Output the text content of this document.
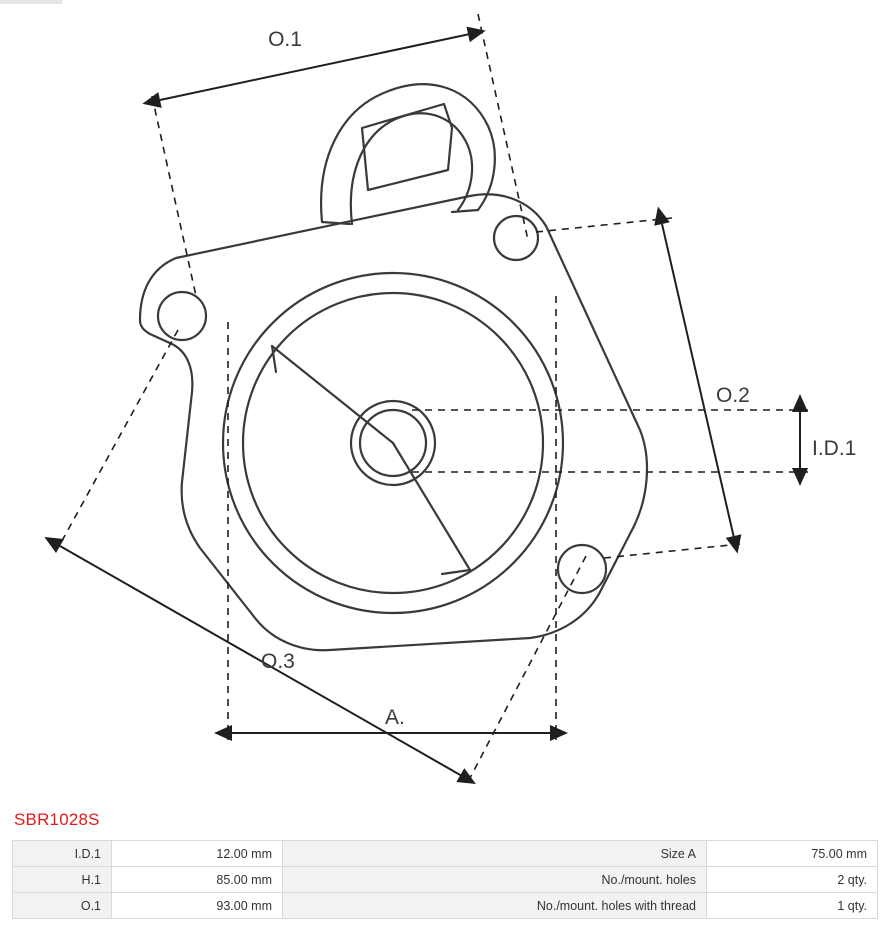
O.1
O.2
O.3
A.
I.D.1
SBR1028S
I.D.1	12.00 mm	Size A	75.00 mm
H.1	85.00 mm	No./mount. holes	2 qty.
O.1	93.00 mm	No./mount. holes with thread	1 qty.
